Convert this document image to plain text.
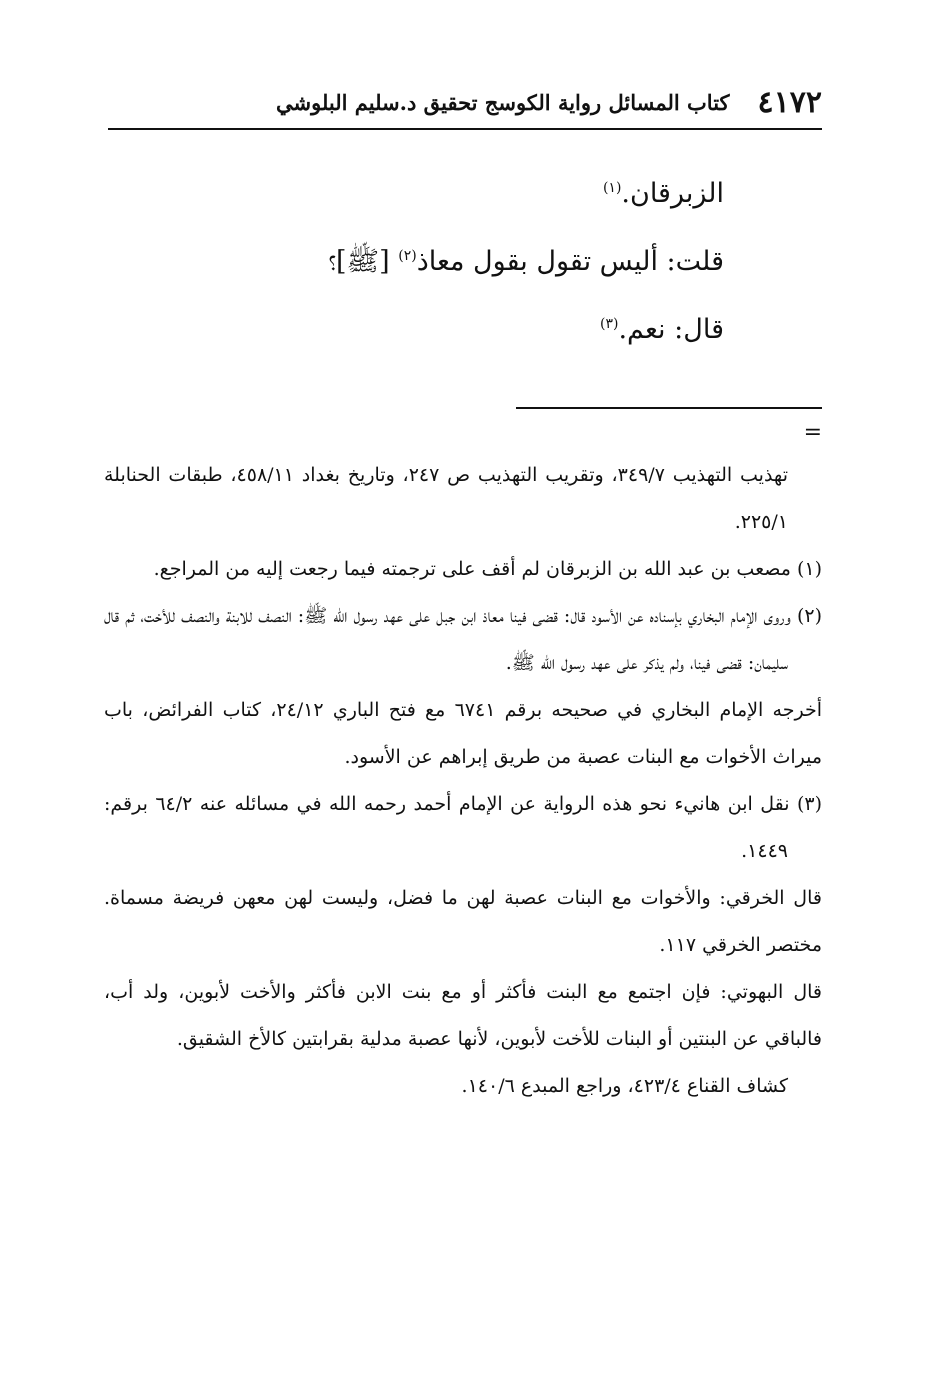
٤١٧٢
كتاب المسائل رواية الكوسج تحقيق د.سليم البلوشي
الزبرقان.$^{(١)}$
قلت: أليس تقول بقول معاذ$^{(٢)}$ [ﷺ]؟
قال: نعم.$^{(٣)}$
=

تهذيب التهذيب ٣٤٩/٧، وتقريب التهذيب ص ٢٤٧، وتاريخ بغداد ٤٥٨/١١، طبقات الحنابلة ٢٢٥/١.

(١) مصعب بن عبد الله بن الزبرقان لم أقف على ترجمته فيما رجعت إليه من المراجع.

(٢) وروى الإمام البخاري بإسناده عن الأسود قال: قضى فينا معاذ ابن جبل على عهد رسول الله ﷺ: النصف للابنة والنصف للأخت، ثم قال سليمان: قضى فينا، ولم يذكر على عهد رسول الله ﷺ.

أخرجه الإمام البخاري في صحيحه برقم ٦٧٤١ مع فتح الباري ٢٤/١٢، كتاب الفرائض، باب ميراث الأخوات مع البنات عصبة من طريق إبراهم عن الأسود.

(٣) نقل ابن هانيء نحو هذه الرواية عن الإمام أحمد رحمه الله في مسائله عنه ٦٤/٢ برقم: ١٤٤٩.

قال الخرقي: والأخوات مع البنات عصبة لهن ما فضل، وليست لهن معهن فريضة مسماة. مختصر الخرقي ١١٧.

قال البهوتي: فإن اجتمع مع البنت فأكثر أو مع بنت الابن فأكثر والأخت لأبوين، ولد أب، فالباقي عن البنتين أو البنات للأخت لأبوين، لأنها عصبة مدلية بقرابتين كالأخ الشقيق.

كشاف القناع ٤٢٣/٤، وراجع المبدع ١٤٠/٦.
